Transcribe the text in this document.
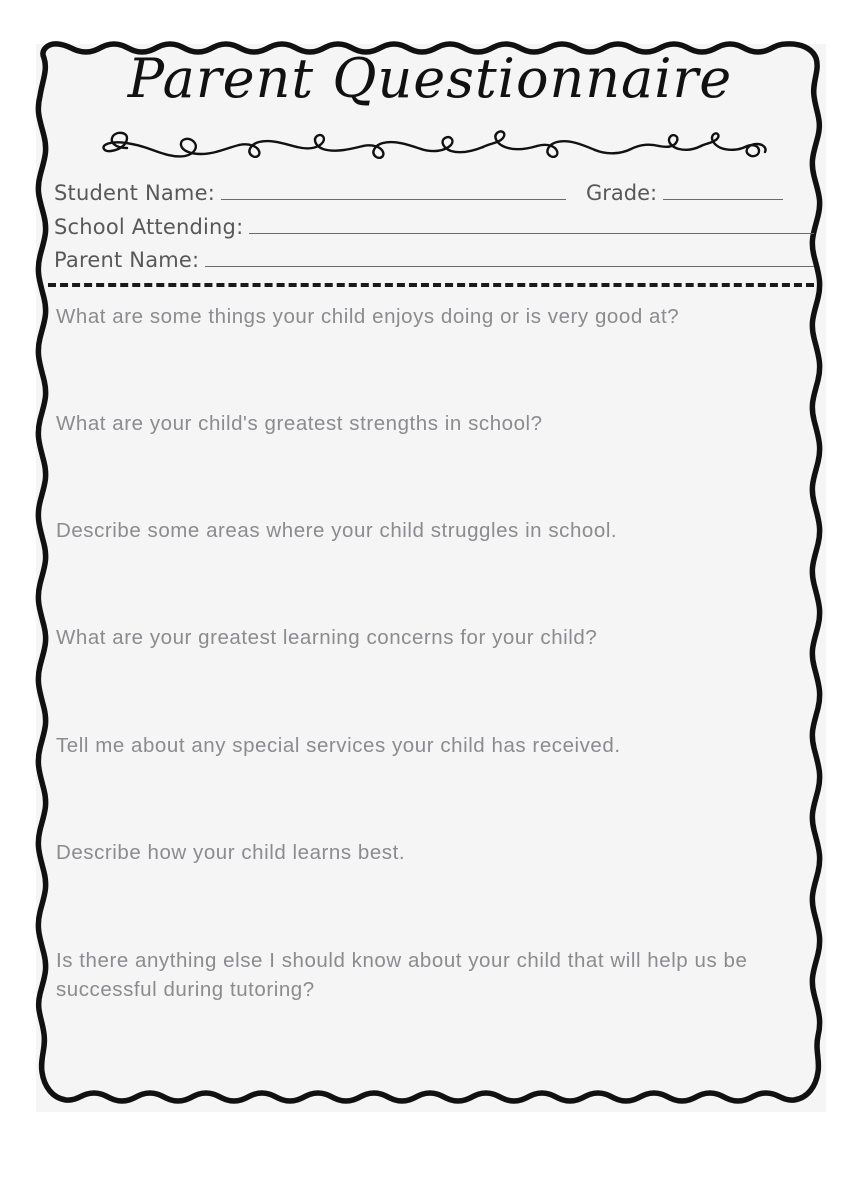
Parent Questionnaire
Student Name:	Grade:
School Attending:
Parent Name:
What are some things your child enjoys doing or is very good at?
What are your child's greatest strengths in school?
Describe some areas where your child struggles in school.
What are your greatest learning concerns for your child?
Tell me about any special services your child has received.
Describe how your child learns best.
Is there anything else I should know about your child that will help us be successful during tutoring?
